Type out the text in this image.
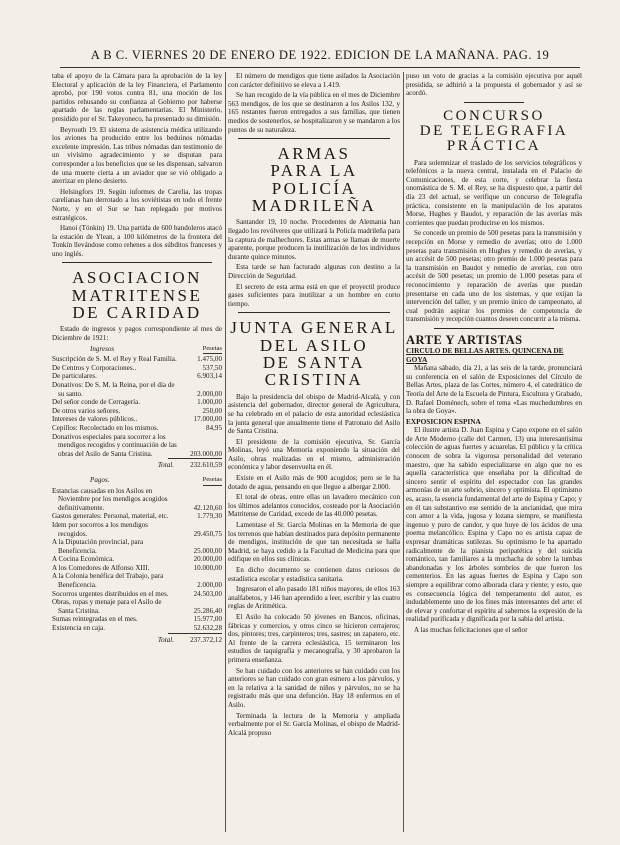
A B C. VIERNES 20 DE ENERO DE 1922. EDICION DE LA MAÑANA. PAG. 19

taba el apoyo de la Cámara para la aprobación de la ley Electoral y aplicación de la ley Financiera, el Parlamento aprobó, por 190 votos contra 81, una moción de los partidos rehusando su confianza al Gobierno por haberse apartado de las reglas parlamentarias. El Ministerio, presidido por el Sr. Takeyoneco, ha presentado su dimisión.

Beyrouth 19. El sistema de asistencia médica utilizando los aviones ha producido entre los beduinos nómadas excelente impresión. Las tribus nómadas dan testimonio de un vivísimo agradecimiento y se disputan para corresponder a los beneficios que se les dispensan, salvaron de una muerte cierta a un aviador que se vió obligado a aterrizar en pleno desierto.

Helsingfors 19. Según informes de Carelia, las tropas carelianas han derrotado a los soviétistas en todo el frente Norte, y en el Sur se han replegado por motivos estratégicos.

Hanoi (Tónkin) 19. Una partida de 600 bandoleros atacó la estación de Ylean, a 100 kilómetros de la frontera del Tonkín llevándose como rehenes a dos súbditos franceses y uno inglés.

ASOCIACION
MATRITENSE
DE CARIDAD

Estado de ingresos y pagos correspondiente al mes de Diciembre de 1921:

Ingresos	Pesetas
Suscripción de S. M. el Rey y Real Familia.	1.475,00
De Centros y Corporaciones..	537,50
De particulares.	6.903,14
Donativos: De S. M. la Reina, por el día de su santo.	2.000,00
Del señor conde de Cerragería.	1.000,00
De otros varios señores.	250,00
Intereses de valores públicos..	17.000,00
Cepillos: Recolectado en los mismos.	84,95
Donativos especiales para socorrer a los mendigos recogidos y continuación de las obras del Asilo de Santa Cristina.	203.000,00
Total. 232.610,59
Pagos.	Pesetas
Estancias causadas en los Asilos en Noviembre por los mendigos acogidos definitivamente.	42.120,60
Gastos generales: Personal, material, etc.	1.779,30
Idem por socorros a los mendigos recogidos.	29.450,75
A la Diputación provincial, para Beneficencia.	25.000,00
A Cocina Económica.	20.000,00
A los Comedores de Alfonso XIII.	10.000,00
A la Colonia benéfica del Trabajo, para Beneficencia.	2.000,00
Socorros urgentes distribuidos en el mes.	24.503,00
Obras, ropas y menaje para el Asilo de Santa Cristina.	25.286,40
Sumas reintegradas en el mes.	15.977,00
Existencia en caja.	52.632,28
Total. 237.372,12

El número de mendigos que tiene asilados la Asociación con carácter definitivo se eleva a 1.419.

Se han recogido de la vía pública en el mes de Diciembre 563 mendigos, de los que se destinaron a los Asilos 132, y 165 restantes fueron entregados a sus familias, que tienen medios de sostenerlos, se hospitalizaron y se mandaron a los puntos de su naturaleza.

ARMAS
PARA LA POLICÍA
MADRILEÑA

Santander 19, 10 noche. Procedentes de Alemania han llegado los revólveres que utilizará la Policía madrileña para la captura de malhechores. Estas armas se llaman de muerte aparente, porque producen la inutilización de los individuos durante quince minutos.

Esta tarde se han facturado algunas con destino a la Dirección de Seguridad.

El secreto de esta arma está en que el proyectil produce gases suficientes para inutilizar a un hombre en corto tiempo.

JUNTA GENERAL
DEL ASILO
DE SANTA CRISTINA

Bajo la presidencia del obispo de Madrid-Alcalá, y con asistencia del gobernador, director general de Agricultura, se ha celebrado en el palacio de esta autoridad eclesiástica la junta general que anualmente tiene el Patronato del Asilo de Santa Cristina.

El presidente de la comisión ejecutiva, Sr. García Molinas, leyó una Memoria exponiendo la situación del Asilo, obras realizadas en el mismo, administración económica y labor desenvuelta en él.

Existe en el Asilo más de 900 acogidos; pero se le ha dotado de agua, pensando en que llegue a albergar 2.000.

El total de obras, entre ellas un lavadero mecánico con los últimos adelantos conocidos, costeado por la Asociación Matritense de Caridad, excede de las 40.000 pesetas.

Lamentase el Sr. García Molinas en la Memoria de que los terrenos que habían destinados para depósito permanente de mendigos, institución de que tan necesitada se halla Madrid, se haya cedido a la Facultad de Medicina para que edifique en ellos sus clínicas.

En dicho documento se contienen datos curiosos de estadística escolar y estadística sanitaria.

Ingresaron el año pasado 181 niños mayores, de ellos 163 analfabetos, y 146 han aprendido a leer, escribir y las cuatro reglas de Aritmética.

El Asilo ha colocado 50 jóvenes en Bancos, oficinas, fábricas y comercios, y otros cinco se hicieron cerrajeros; dos, pintores; tres, carpinteros; tres, sastres; un zapatero, etc. Al frente de la carrera eclesiástica, 15 terminaron los estudios de taquigrafía y mecanografía, y 30 aprobaron la primera enseñanza.

Se han cuidado con los anteriores se han cuidado con los anteriores se han cuidado con gran esmero a los párvulos, y en la relativa a la sanidad de niños y párvulos, no se ha registrado más que una defunción. Hay 18 enfermos en el Asilo.

Terminada la lectura de la Memoria y ampliada verbalmente por el Sr. García Molinas, el obispo de Madrid-Alcalá propuso

puso un voto de gracias a la comisión ejecutiva por aquél presidida, se adhirió a la propuesta el gobernador y así se acordó.

CONCURSO
DE TELEGRAFIA
PRÁCTICA

Para solemnizar el traslado de los servicios telegráficos y telefónicos a la nueva central, instalada en el Palacio de Comunicaciones, de esta corte, y celebrar la fiesta onomástica de S. M. el Rey, se ha dispuesto que, a partir del día 23 del actual, se verifique un concurso de Telegrafía práctica, consistente en la manipulación de los aparatos Morse, Hughes y Baudot, y reparación de las averías más corrientes que puedan producirse en los mismos.

Se concede un premio de 500 pesetas para la transmisión y recepción en Morse y remedio de averías; otro de 1.000 pesetas para transmisión en Hughes y remedio de averías, y un accésit de 500 pesetas; otro premio de 1.000 pesetas para la transmisión en Baudot y remedio de averías, con otro accésit de 500 pesetas; un premio de 1.000 pesetas para el reconocimiento y reparación de averías que puedan presentarse en cada uno de los sistemas, y que exijan la intervención del taller, y un premio único de campeonato, al cual podrán aspirar los premios de competencia de transmisión y recepción cuantos deseen concurrir a la misma.

ARTE Y ARTISTAS
CIRCULO DE BELLAS ARTES. QUINCENA DE GOYA

Mañana sábado, día 21, a las seis de la tarde, pronunciará su conferencia en el salón de Exposiciones del Círculo de Bellas Artes, plaza de las Cortes, número 4, el catedrático de Teoría del Arte de la Escuela de Pintura, Escultura y Grabado, D. Rafael Doménech, sobre el tema «Las muchedumbres en la obra de Goya».

EXPOSICION ESPINA

El ilustre artista D. Juan Espina y Capo expone en el salón de Arte Moderno (calle del Carmen, 13) una interesantísima colección de aguas fuertes y acuarelas. El público y la crítica conocen de sobra la vigorosa personalidad del veterano maestro, que ha sabido especializarse en algo que no es aquella característica que enseñaba por la dificultad de sincero sentir el espíritu del espectador con las grandes armonías de un arte sobrio, sincero y optimista. El optimismo es, acaso, la esencia fundamental del arte de Espina y Capo; y en él tan substantivo ese sentido de la ancianidad, que mira con amor a la vida, jugosa y lozana siempre, se manifiesta ingenuo y puro de candor, y que huye de los ácidos de una poema melancólico. Espina y Capo no es artista capaz de expresar dramáticas sutilezas. Su optimismo le ha apartado radicalmente de la pianista peripatética y del suicida romántico, tan familiares a la muchacha de sobre la tumbas abandonadas y los árboles sombríos de que fueron los cementerios. En las aguas fuertes de Espina y Capo son siempre a equilibrar como alborada clara y riente; y esto, que es consecuencia lógica del temperamento del autor, es indudablemente uno de los fines más interesantes del arte: el de elevar y confortar el espíritu al sabernos la expresión de la realidad purificada y dignificada por la sabia del artista.

A las muchas felicitaciones que el señor
